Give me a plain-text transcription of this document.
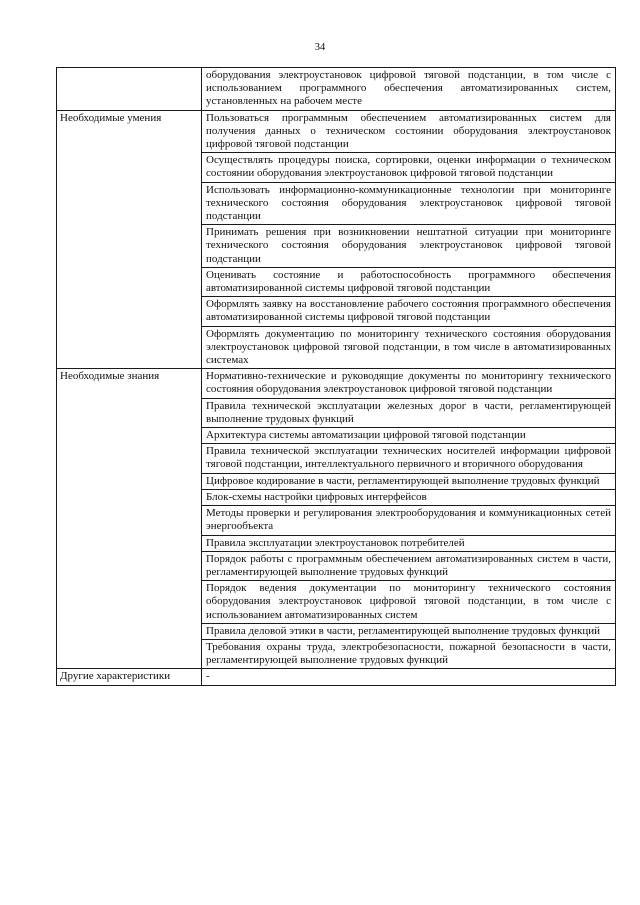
34
	оборудования электроустановок цифровой тяговой подстанции, в том числе с использованием программного обеспечения автоматизированных систем, установленных на рабочем месте
Необходимые умения	Пользоваться программным обеспечением автоматизированных систем для получения данных о техническом состоянии оборудования электроустановок цифровой тяговой подстанции
	Осуществлять процедуры поиска, сортировки, оценки информации о техническом состоянии оборудования электроустановок цифровой тяговой подстанции
	Использовать информационно-коммуникационные технологии при мониторинге технического состояния оборудования электроустановок цифровой тяговой подстанции
	Принимать решения при возникновении нештатной ситуации при мониторинге технического состояния оборудования электроустановок цифровой тяговой подстанции
	Оценивать состояние и работоспособность программного обеспечения автоматизированной системы цифровой тяговой подстанции
	Оформлять заявку на восстановление рабочего состояния программного обеспечения автоматизированной системы цифровой тяговой подстанции
	Оформлять документацию по мониторингу технического состояния оборудования электроустановок цифровой тяговой подстанции, в том числе в автоматизированных системах
Необходимые знания	Нормативно-технические и руководящие документы по мониторингу технического состояния оборудования электроустановок цифровой тяговой подстанции
	Правила технической эксплуатации железных дорог в части, регламентирующей выполнение трудовых функций
	Архитектура системы автоматизации цифровой тяговой подстанции
	Правила технической эксплуатации технических носителей информации цифровой тяговой подстанции, интеллектуального первичного и вторичного оборудования
	Цифровое кодирование в части, регламентирующей выполнение трудовых функций
	Блок-схемы настройки цифровых интерфейсов
	Методы проверки и регулирования электрооборудования и коммуникационных сетей энергообъекта
	Правила эксплуатации электроустановок потребителей
	Порядок работы с программным обеспечением автоматизированных систем в части, регламентирующей выполнение трудовых функций
	Порядок ведения документации по мониторингу технического состояния оборудования электроустановок цифровой тяговой подстанции, в том числе с использованием автоматизированных систем
	Правила деловой этики в части, регламентирующей выполнение трудовых функций
	Требования охраны труда, электробезопасности, пожарной безопасности в части, регламентирующей выполнение трудовых функций
Другие характеристики	-
